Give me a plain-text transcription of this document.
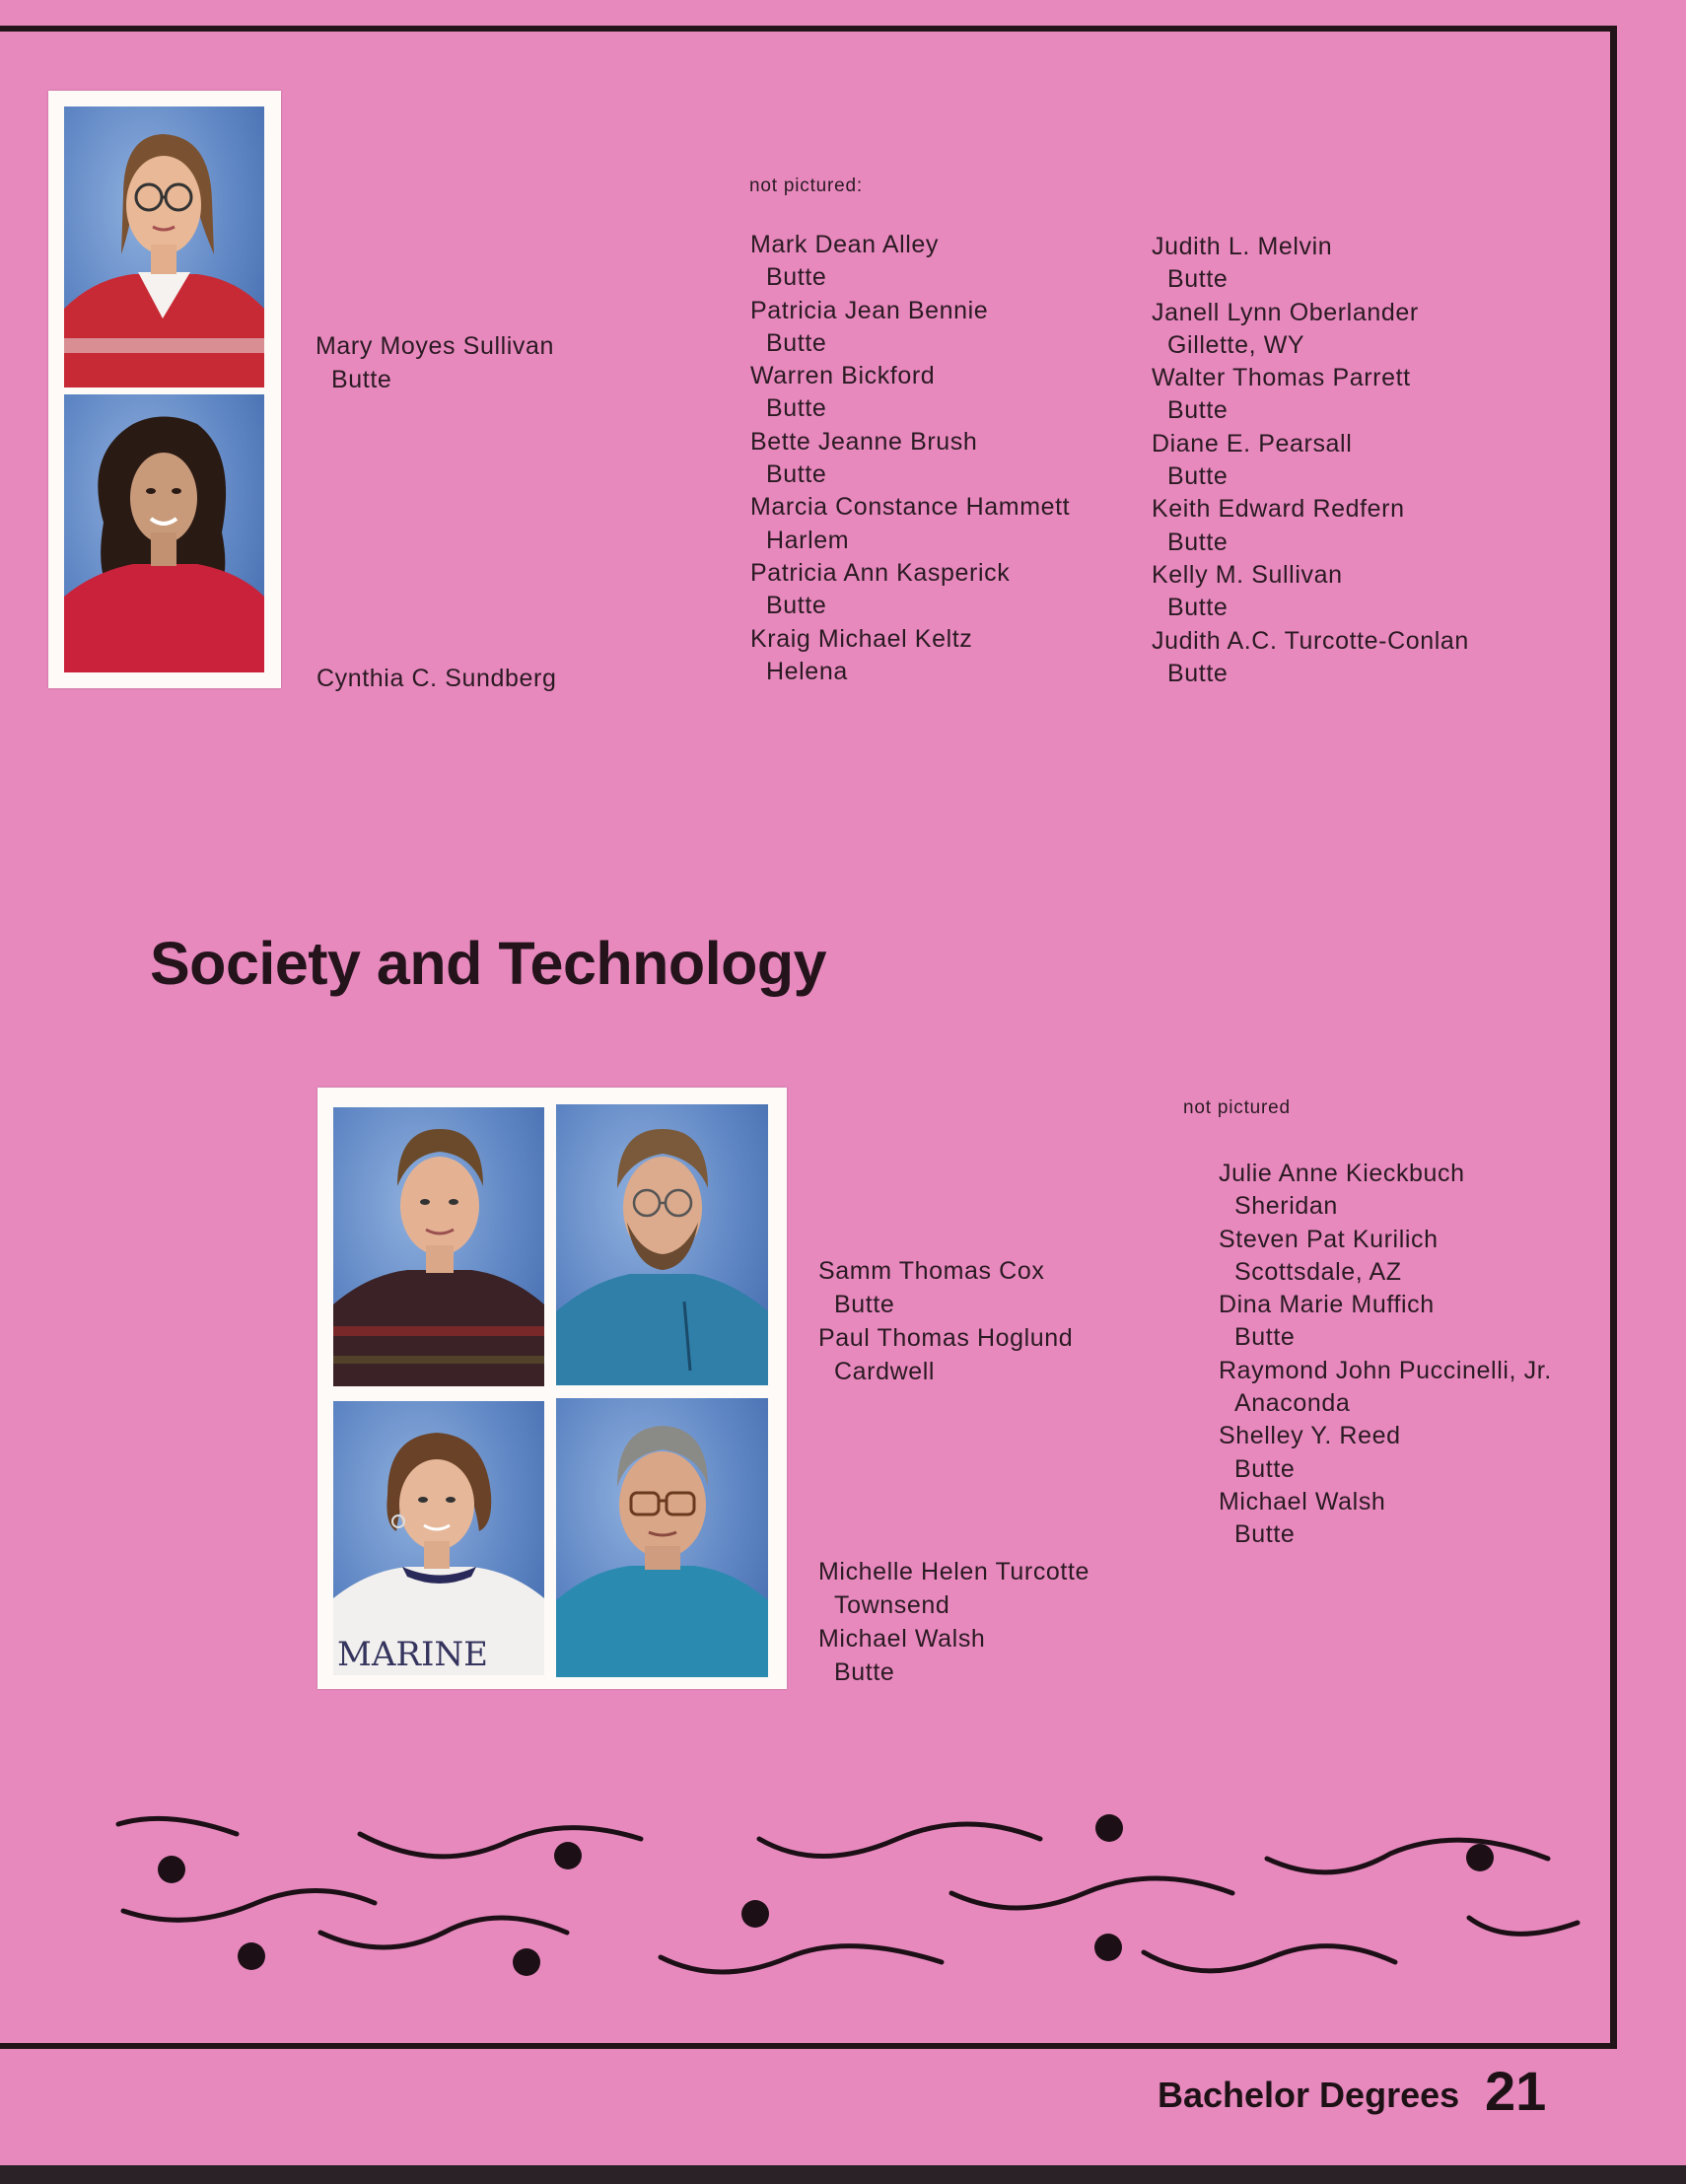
Mary Moyes Sullivan
Butte
Cynthia C. Sundberg
not pictured:
Mark Dean Alley
Butte
Patricia Jean Bennie
Butte
Warren Bickford
Butte
Bette Jeanne Brush
Butte
Marcia Constance Hammett
Harlem
Patricia Ann Kasperick
Butte
Kraig Michael Keltz
Helena
Judith L. Melvin
Butte
Janell Lynn Oberlander
Gillette, WY
Walter Thomas Parrett
Butte
Diane E. Pearsall
Butte
Keith Edward Redfern
Butte
Kelly M. Sullivan
Butte
Judith A.C. Turcotte-Conlan
Butte
Society and Technology
MARINE
Samm Thomas Cox
Butte
Paul Thomas Hoglund
Cardwell
Michelle Helen Turcotte
Townsend
Michael Walsh
Butte
not pictured
Julie Anne Kieckbuch
Sheridan
Steven Pat Kurilich
Scottsdale, AZ
Dina Marie Muffich
Butte
Raymond John Puccinelli, Jr.
Anaconda
Shelley Y. Reed
Butte
Michael Walsh
Butte
Bachelor Degrees 21
